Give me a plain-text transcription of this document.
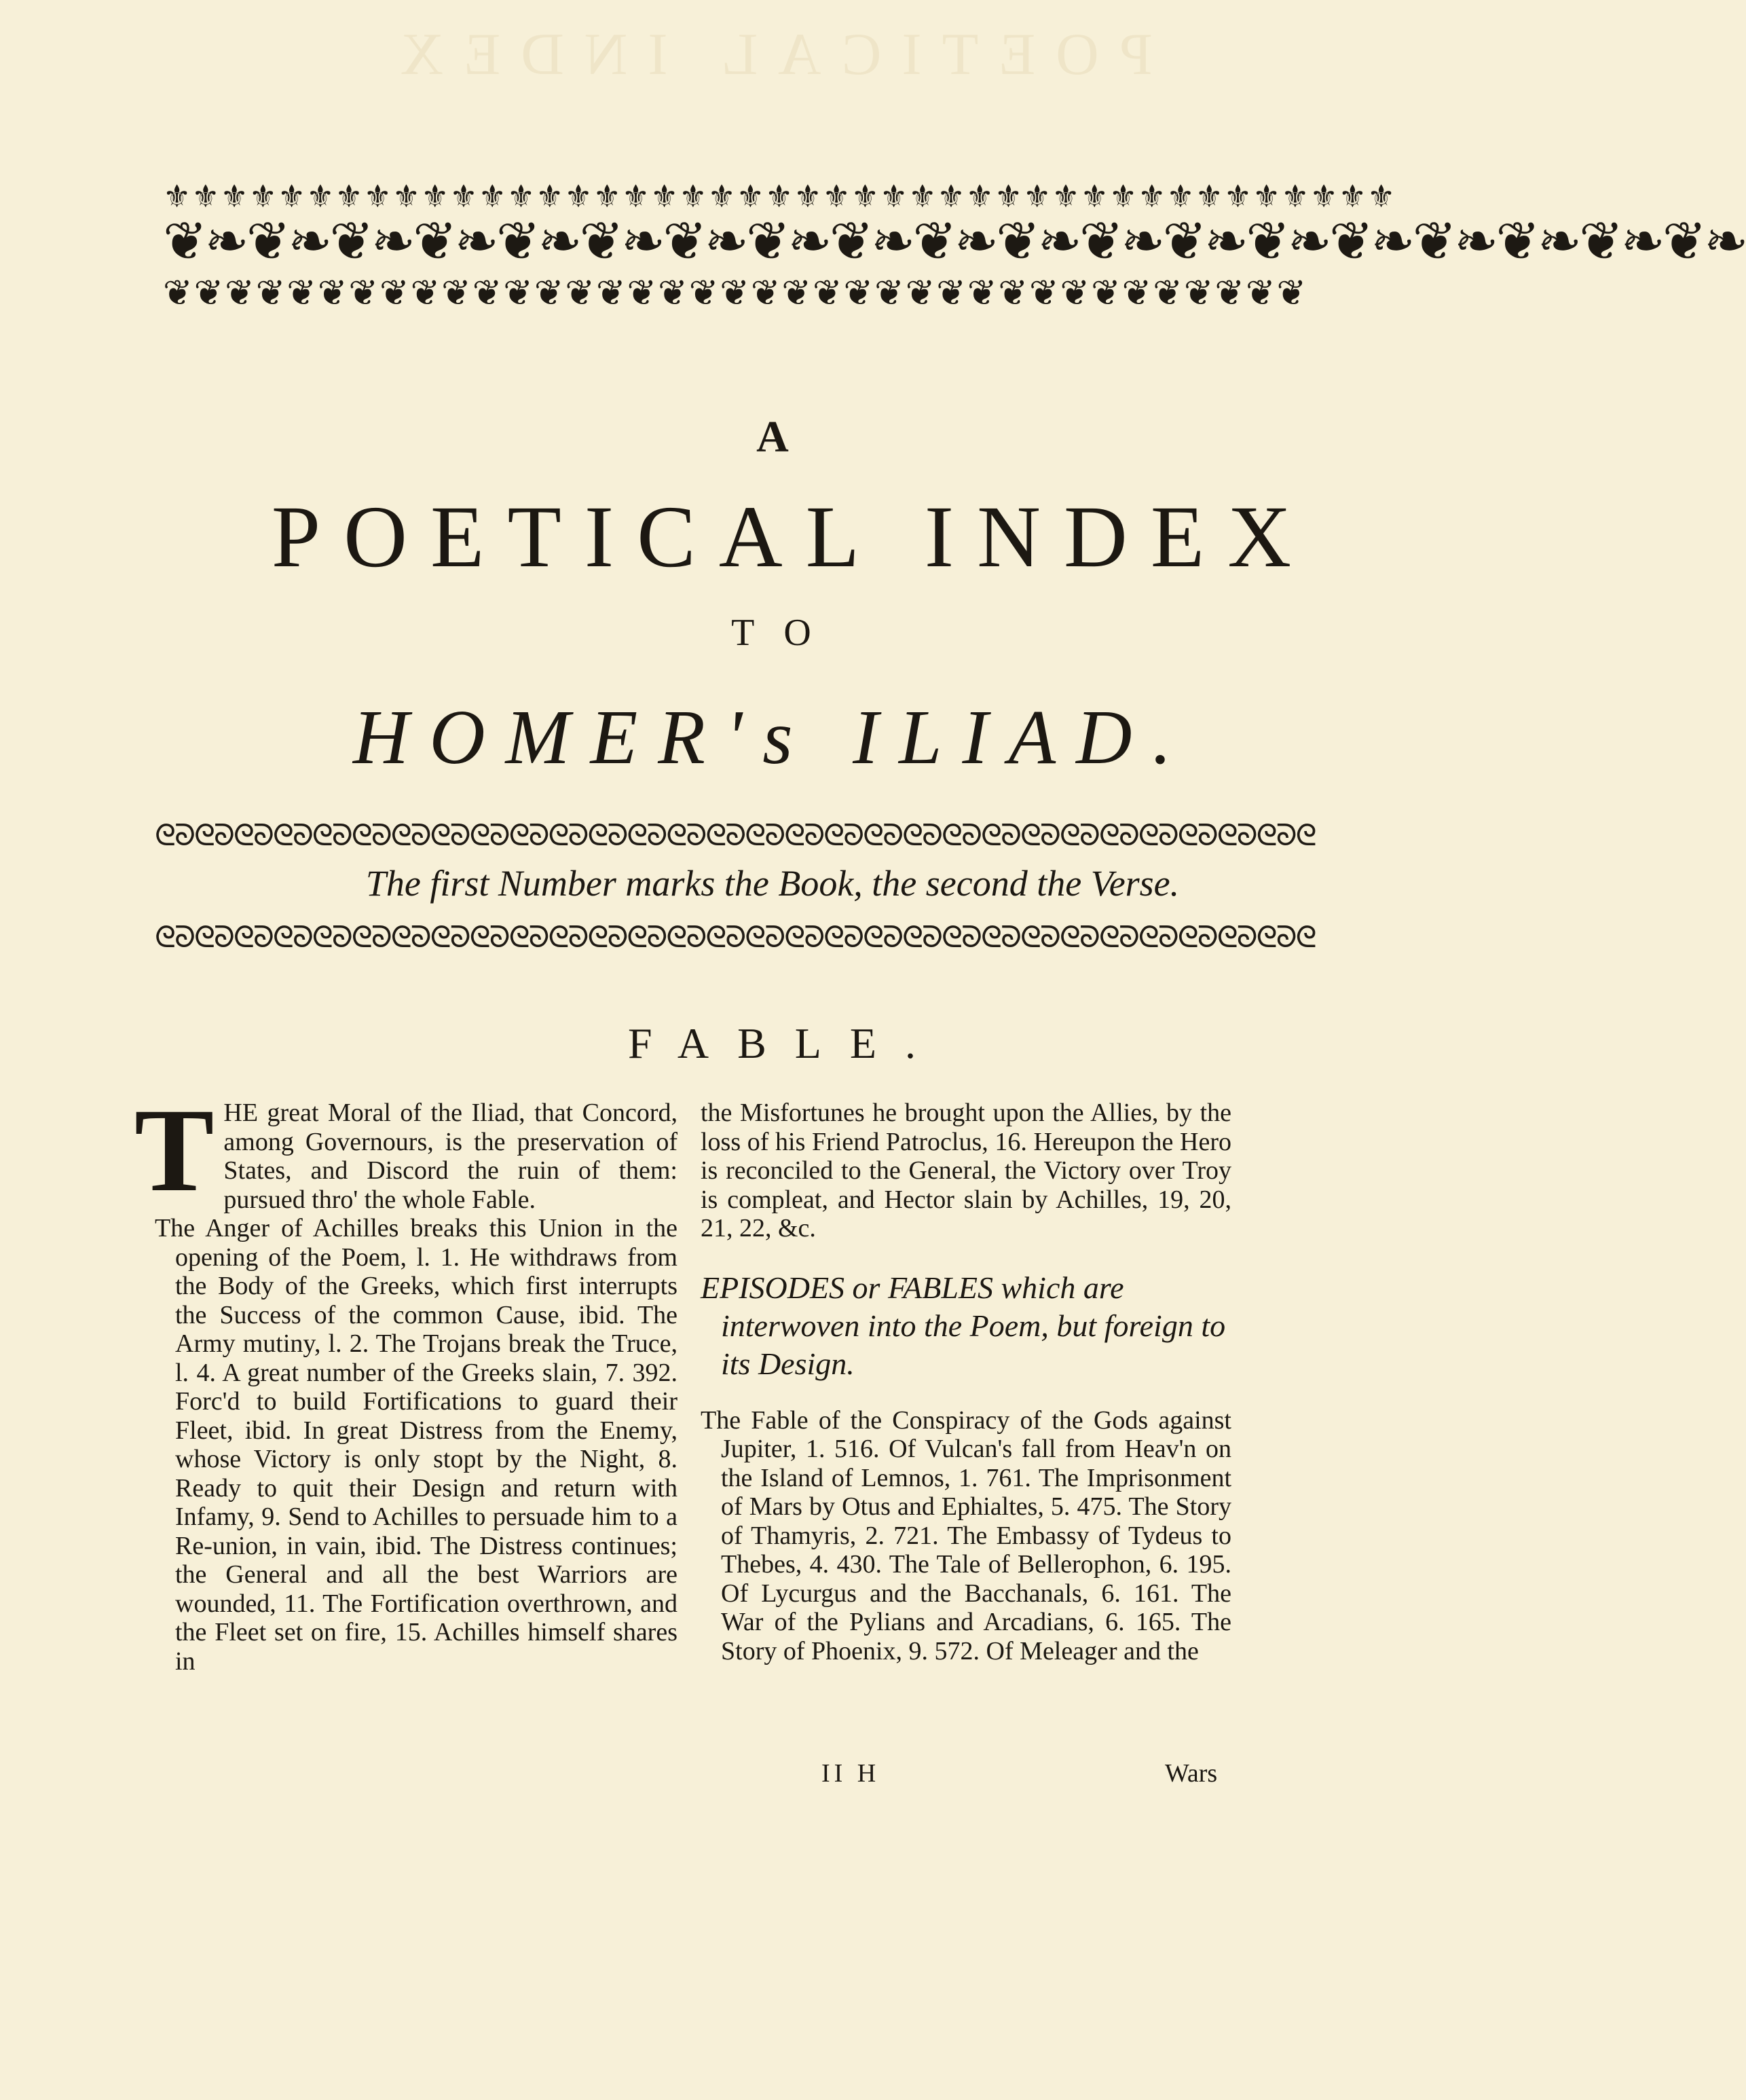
POETICAL INDEX
⚜⚜⚜⚜⚜⚜⚜⚜⚜⚜⚜⚜⚜⚜⚜⚜⚜⚜⚜⚜⚜⚜⚜⚜⚜⚜⚜⚜⚜⚜⚜⚜⚜⚜⚜⚜⚜⚜⚜⚜⚜⚜⚜
❦❧❦❧❦❧❦❧❦❧❦❧❦❧❦❧❦❧❦❧❦❧❦❧❦❧❦❧❦❧❦❧❦❧❦❧❦❧
❦❦❦❦❦❦❦❦❦❦❦❦❦❦❦❦❦❦❦❦❦❦❦❦❦❦❦❦❦❦❦❦❦❦❦❦❦
A
POETICAL INDEX
TO
HOMER's ILIAD.
ᘓᘐᘓᘐᘓᘐᘓᘐᘓᘐᘓᘐᘓᘐᘓᘐᘓᘐᘓᘐᘓᘐᘓᘐᘓᘐᘓᘐᘓᘐᘓᘐᘓᘐᘓᘐᘓᘐᘓᘐᘓᘐᘓᘐᘓᘐᘓᘐᘓᘐᘓᘐᘓᘐᘓᘐᘓᘐᘓ
The first Number marks the Book, the second the Verse.
ᘓᘐᘓᘐᘓᘐᘓᘐᘓᘐᘓᘐᘓᘐᘓᘐᘓᘐᘓᘐᘓᘐᘓᘐᘓᘐᘓᘐᘓᘐᘓᘐᘓᘐᘓᘐᘓᘐᘓᘐᘓᘐᘓᘐᘓᘐᘓᘐᘓᘐᘓᘐᘓᘐᘓᘐᘓᘐᘓ
FABLE.

THE great Moral of the Iliad, that Concord, among Governours, is the preservation of States, and Discord the ruin of them: pursued thro' the whole Fable.

The Anger of Achilles breaks this Union in the opening of the Poem, l. 1. He withdraws from the Body of the Greeks, which first interrupts the Success of the common Cause, ibid. The Army mutiny, l. 2. The Trojans break the Truce, l. 4. A great number of the Greeks slain, 7. 392. Forc'd to build Fortifications to guard their Fleet, ibid. In great Distress from the Enemy, whose Victory is only stopt by the Night, 8. Ready to quit their Design and return with Infamy, 9. Send to Achilles to persuade him to a Re-union, in vain, ibid. The Distress continues; the General and all the best Warriors are wounded, 11. The Fortification overthrown, and the Fleet set on fire, 15. Achilles himself shares in

the Misfortunes he brought upon the Allies, by the loss of his Friend Patroclus, 16. Hereupon the Hero is reconciled to the General, the Victory over Troy is compleat, and Hector slain by Achilles, 19, 20, 21, 22, &c.

EPISODES or FABLES which are interwoven into the Poem, but foreign to its Design.

The Fable of the Conspiracy of the Gods against Jupiter, 1. 516. Of Vulcan's fall from Heav'n on the Island of Lemnos, 1. 761. The Imprisonment of Mars by Otus and Ephialtes, 5. 475. The Story of Thamyris, 2. 721. The Embassy of Tydeus to Thebes, 4. 430. The Tale of Bellerophon, 6. 195. Of Lycurgus and the Bacchanals, 6. 161. The War of the Pylians and Arcadians, 6. 165. The Story of Phoenix, 9. 572. Of Meleager and the

II H	Wars
